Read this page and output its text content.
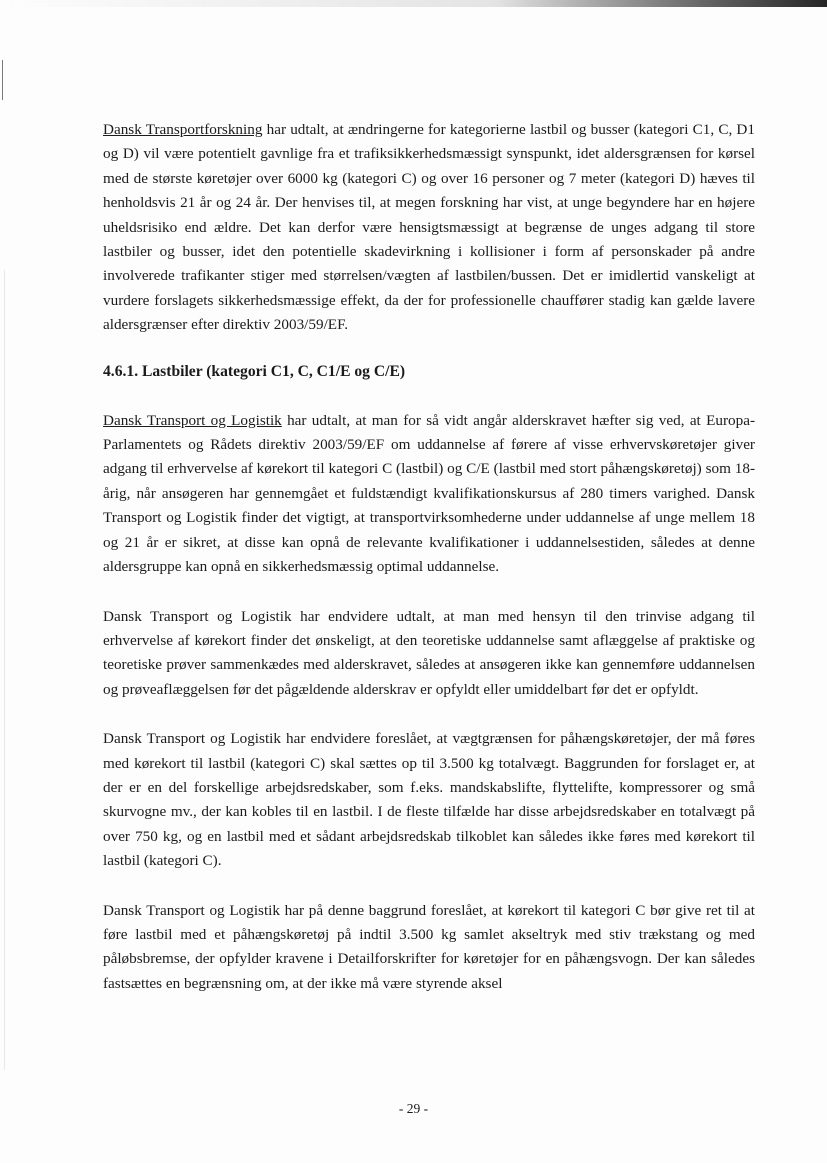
Dansk Transportforskning har udtalt, at ændringerne for kategorierne lastbil og busser (kategori C1, C, D1 og D) vil være potentielt gavnlige fra et trafiksikkerhedsmæssigt synspunkt, idet aldersgrænsen for kørsel med de største køretøjer over 6000 kg (kategori C) og over 16 personer og 7 meter (kategori D) hæves til henholdsvis 21 år og 24 år. Der henvises til, at megen forskning har vist, at unge begyndere har en højere uheldsrisiko end ældre. Det kan derfor være hensigtsmæssigt at begrænse de unges adgang til store lastbiler og busser, idet den potentielle skadevirkning i kollisioner i form af personskader på andre involverede trafikanter stiger med størrelsen/vægten af lastbilen/bussen. Det er imidlertid vanskeligt at vurdere forslagets sikkerhedsmæssige effekt, da der for professionelle chauffører stadig kan gælde lavere aldersgrænser efter direktiv 2003/59/EF.

4.6.1. Lastbiler (kategori C1, C, C1/E og C/E)

Dansk Transport og Logistik har udtalt, at man for så vidt angår alderskravet hæfter sig ved, at Europa-Parlamentets og Rådets direktiv 2003/59/EF om uddannelse af førere af visse erhvervskøretøjer giver adgang til erhvervelse af kørekort til kategori C (lastbil) og C/E (lastbil med stort påhængskøretøj) som 18-årig, når ansøgeren har gennemgået et fuldstændigt kvalifikationskursus af 280 timers varighed. Dansk Transport og Logistik finder det vigtigt, at transportvirksomhederne under uddannelse af unge mellem 18 og 21 år er sikret, at disse kan opnå de relevante kvalifikationer i uddannelsestiden, således at denne aldersgruppe kan opnå en sikkerhedsmæssig optimal uddannelse.

Dansk Transport og Logistik har endvidere udtalt, at man med hensyn til den trinvise adgang til erhvervelse af kørekort finder det ønskeligt, at den teoretiske uddannelse samt aflæggelse af praktiske og teoretiske prøver sammenkædes med alderskravet, således at ansøgeren ikke kan gennemføre uddannelsen og prøveaflæggelsen før det pågældende alderskrav er opfyldt eller umiddelbart før det er opfyldt.

Dansk Transport og Logistik har endvidere foreslået, at vægtgrænsen for påhængskøretøjer, der må føres med kørekort til lastbil (kategori C) skal sættes op til 3.500 kg totalvægt. Baggrunden for forslaget er, at der er en del forskellige arbejdsredskaber, som f.eks. mandskabslifte, flyttelifte, kompressorer og små skurvogne mv., der kan kobles til en lastbil. I de fleste tilfælde har disse arbejdsredskaber en totalvægt på over 750 kg, og en lastbil med et sådant arbejdsredskab tilkoblet kan således ikke føres med kørekort til lastbil (kategori C).

Dansk Transport og Logistik har på denne baggrund foreslået, at kørekort til kategori C bør give ret til at føre lastbil med et påhængskøretøj på indtil 3.500 kg samlet akseltryk med stiv trækstang og med påløbsbremse, der opfylder kravene i Detailforskrifter for køretøjer for en påhængsvogn. Der kan således fastsættes en begrænsning om, at der ikke må være styrende aksel

- 29 -
